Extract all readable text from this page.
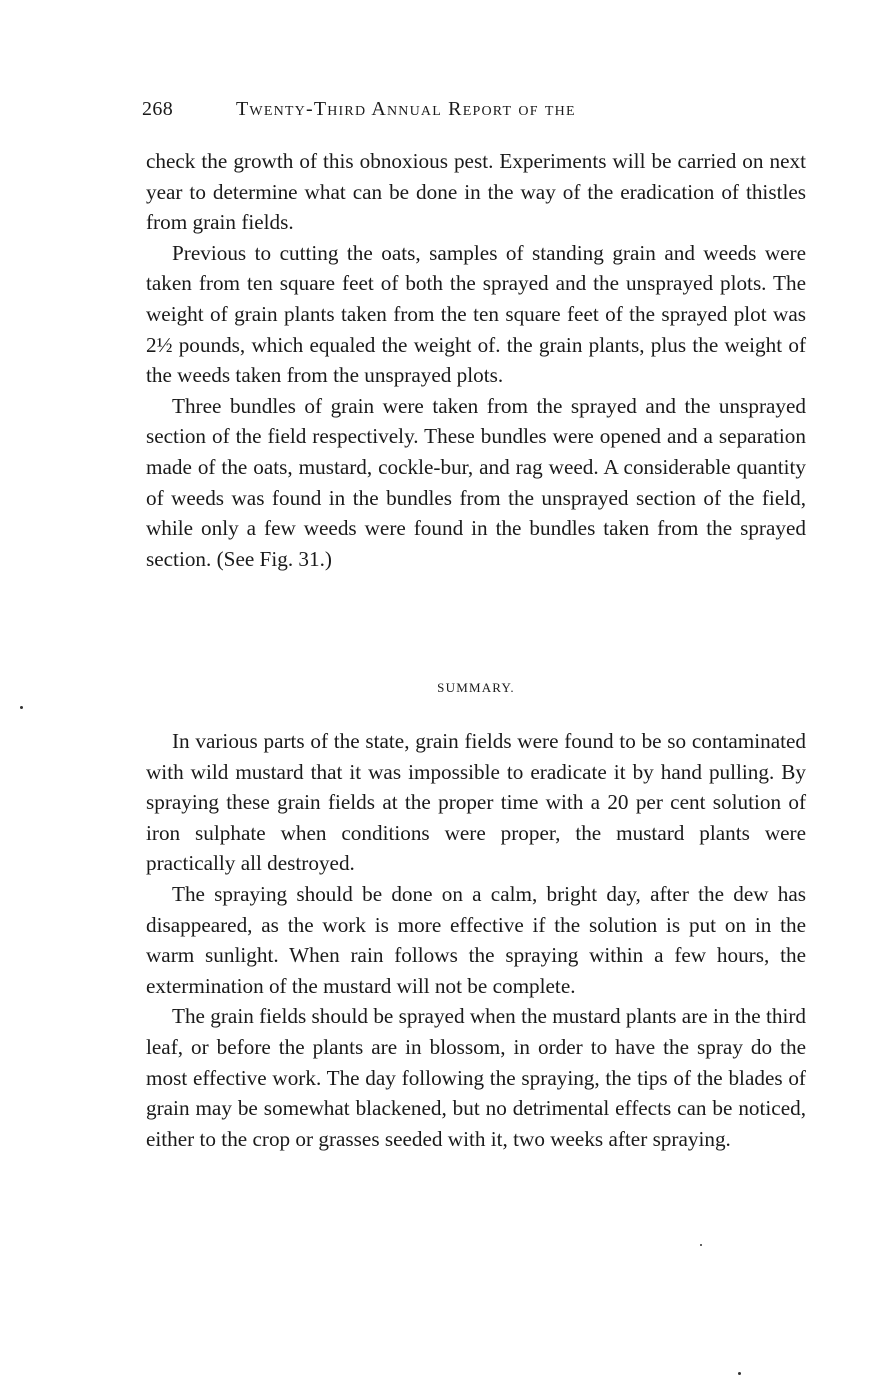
268	Twenty-Third Annual Report of the

check the growth of this obnoxious pest. Experiments will be carried on next year to determine what can be done in the way of the eradication of thistles from grain fields.

Previous to cutting the oats, samples of standing grain and weeds were taken from ten square feet of both the sprayed and the unsprayed plots. The weight of grain plants taken from the ten square feet of the sprayed plot was 2½ pounds, which equaled the weight of. the grain plants, plus the weight of the weeds taken from the unsprayed plots.

Three bundles of grain were taken from the sprayed and the unsprayed section of the field respectively. These bundles were opened and a separation made of the oats, mustard, cockle-bur, and rag weed. A considerable quantity of weeds was found in the bundles from the unsprayed section of the field, while only a few weeds were found in the bundles taken from the sprayed section. (See Fig. 31.)

SUMMARY.

In various parts of the state, grain fields were found to be so contaminated with wild mustard that it was impossible to eradicate it by hand pulling. By spraying these grain fields at the proper time with a 20 per cent solution of iron sulphate when conditions were proper, the mustard plants were practically all destroyed.

The spraying should be done on a calm, bright day, after the dew has disappeared, as the work is more effective if the solution is put on in the warm sunlight. When rain follows the spraying within a few hours, the extermination of the mustard will not be complete.

The grain fields should be sprayed when the mustard plants are in the third leaf, or before the plants are in blossom, in order to have the spray do the most effective work. The day following the spraying, the tips of the blades of grain may be somewhat blackened, but no detrimental effects can be noticed, either to the crop or grasses seeded with it, two weeks after spraying.
